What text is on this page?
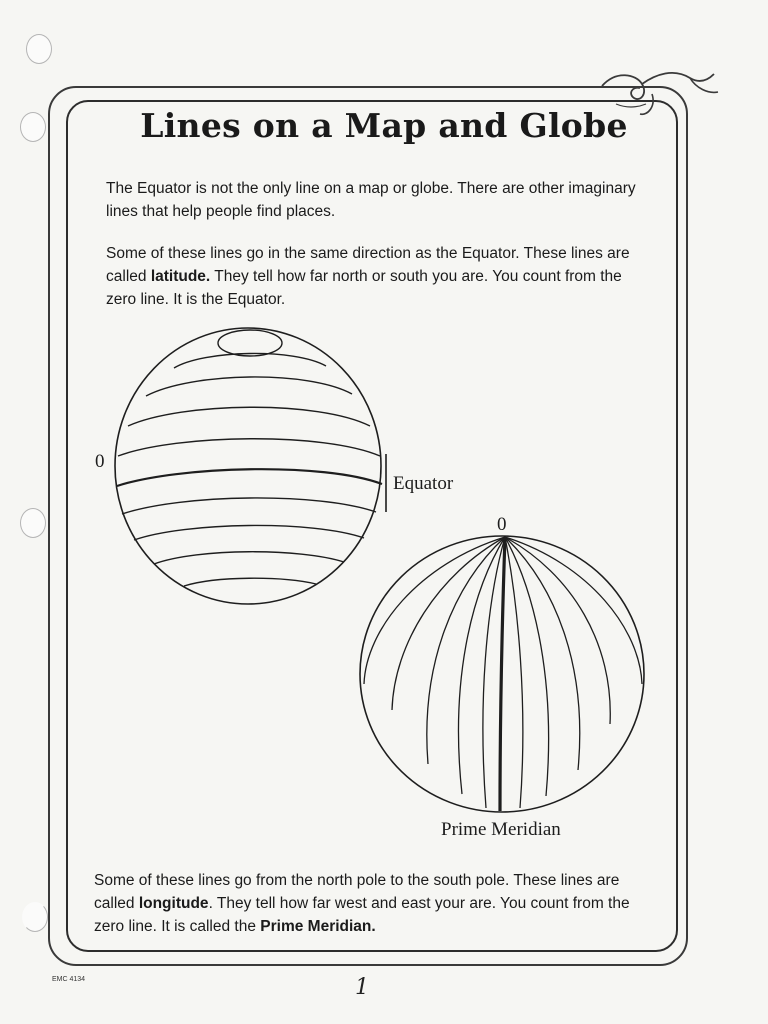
Lines on a Map and Globe
The Equator is not the only line on a map or globe. There are other imaginary lines that help people find places.
Some of these lines go in the same direction as the Equator. These lines are called latitude. They tell how far north or south you are. You count from the zero line. It is the Equator.
0
Equator
0
Prime Meridian
Some of these lines go from the north pole to the south pole. These lines are called longitude. They tell how far west and east your are. You count from the zero line. It is called the Prime Meridian.
EMC 4134	1
